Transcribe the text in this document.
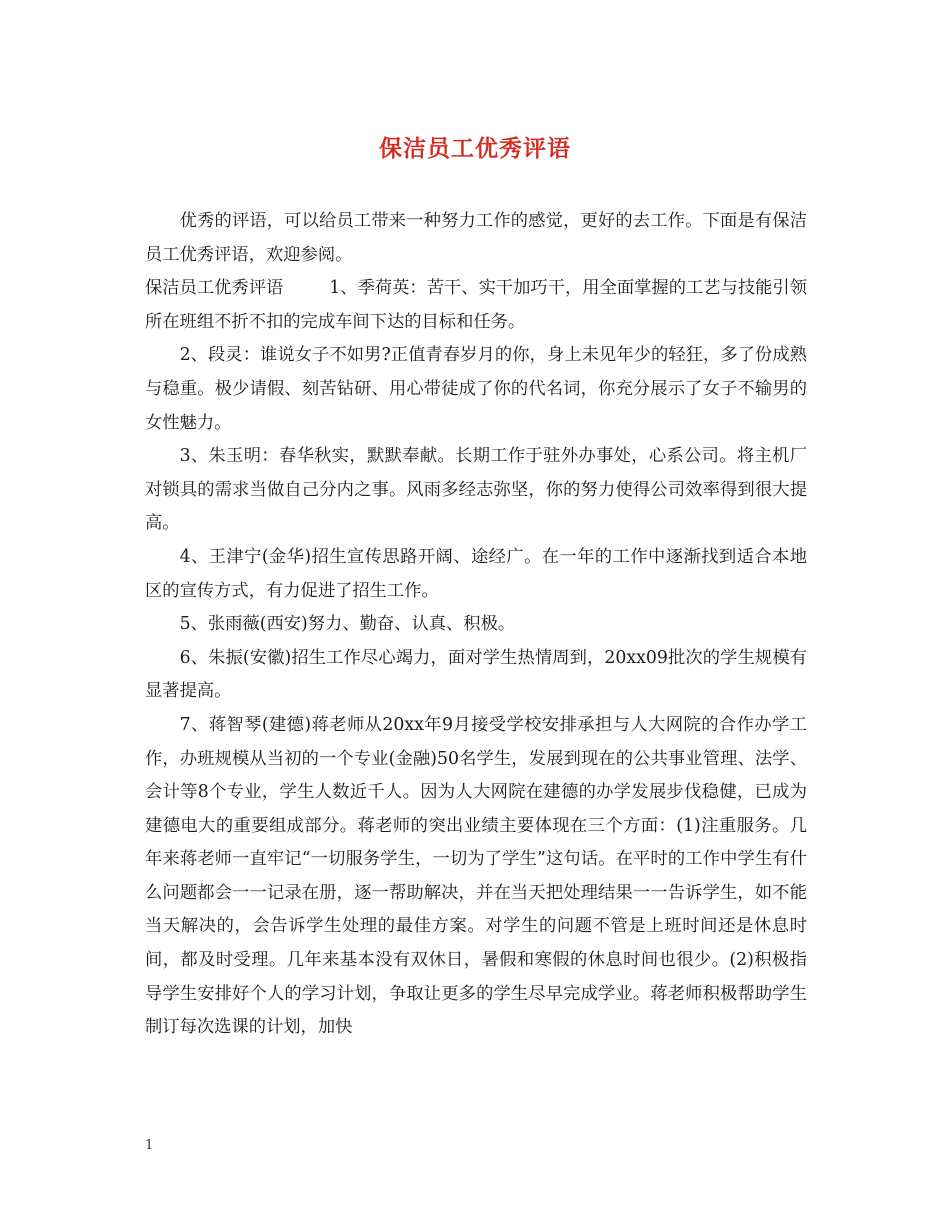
保洁员工优秀评语

优秀的评语，可以给员工带来一种努力工作的感觉，更好的去工作。下面是有保洁员工优秀评语，欢迎参阅。

保洁员工优秀评语	1、季荷英：苦干、实干加巧干，用全面掌握的工艺与技能引领所在班组不折不扣的完成车间下达的目标和任务。

2、段灵：谁说女子不如男?正值青春岁月的你，身上未见年少的轻狂，多了份成熟与稳重。极少请假、刻苦钻研、用心带徒成了你的代名词，你充分展示了女子不输男的女性魅力。

3、朱玉明：春华秋实，默默奉献。长期工作于驻外办事处，心系公司。将主机厂对锁具的需求当做自己分内之事。风雨多经志弥坚，你的努力使得公司效率得到很大提高。

4、王津宁(金华)招生宣传思路开阔、途经广。在一年的工作中逐渐找到适合本地区的宣传方式，有力促进了招生工作。

5、张雨薇(西安)努力、勤奋、认真、积极。

6、朱振(安徽)招生工作尽心竭力，面对学生热情周到，20xx09批次的学生规模有显著提高。

7、蒋智琴(建德)蒋老师从20xx年9月接受学校安排承担与人大网院的合作办学工作，办班规模从当初的一个专业(金融)50名学生，发展到现在的公共事业管理、法学、会计等8个专业，学生人数近千人。因为人大网院在建德的办学发展步伐稳健，已成为建德电大的重要组成部分。蒋老师的突出业绩主要体现在三个方面：(1)注重服务。几年来蒋老师一直牢记“一切服务学生，一切为了学生”这句话。在平时的工作中学生有什么问题都会一一记录在册，逐一帮助解决，并在当天把处理结果一一告诉学生，如不能当天解决的，会告诉学生处理的最佳方案。对学生的问题不管是上班时间还是休息时间，都及时受理。几年来基本没有双休日，暑假和寒假的休息时间也很少。(2)积极指导学生安排好个人的学习计划，争取让更多的学生尽早完成学业。蒋老师积极帮助学生制订每次选课的计划，加快

1
